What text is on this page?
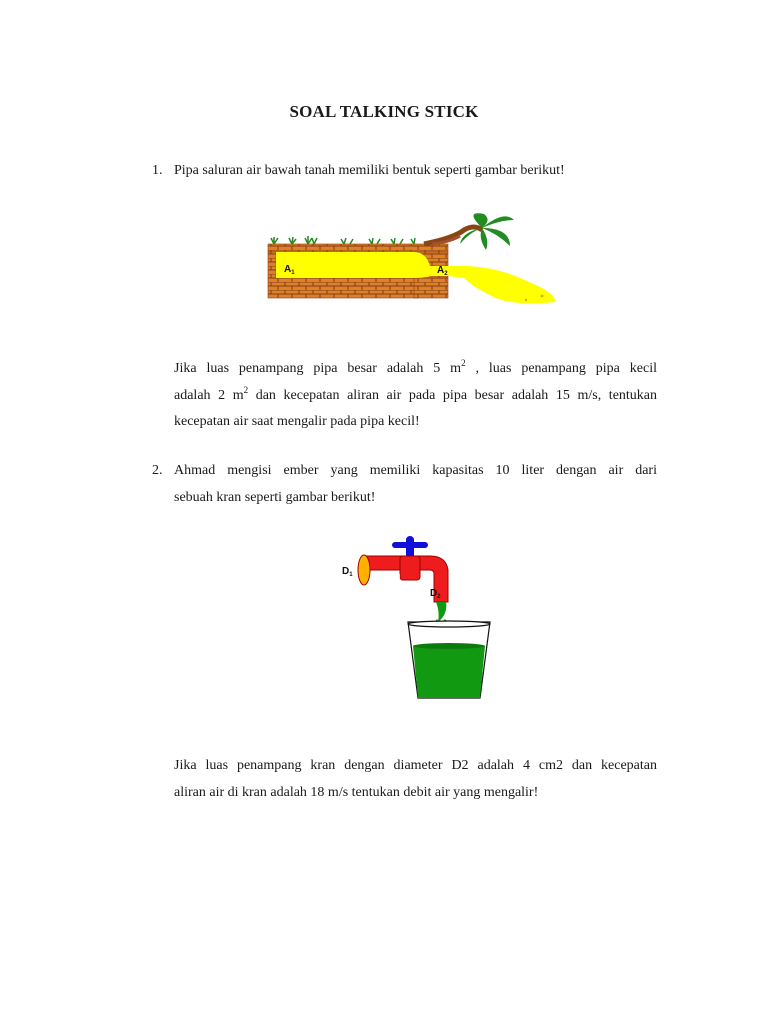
SOAL TALKING STICK
1. Pipa saluran air bawah tanah memiliki bentuk seperti gambar berikut!
$A_1$	$A_2$
Jika luas penampang pipa besar adalah 5 $m^2$ , luas penampang pipa kecil
adalah 2 $m^2$ dan kecepatan aliran air pada pipa besar adalah 15 m/s, tentukan
kecepatan air saat mengalir pada pipa kecil!
2. Ahmad mengisi ember yang memiliki kapasitas 10 liter dengan air dari
sebuah kran seperti gambar berikut!
$D_1$
$D_2$
Jika luas penampang kran dengan diameter D2 adalah 4 cm2 dan kecepatan
aliran air di kran adalah 18 m/s tentukan debit air yang mengalir!
